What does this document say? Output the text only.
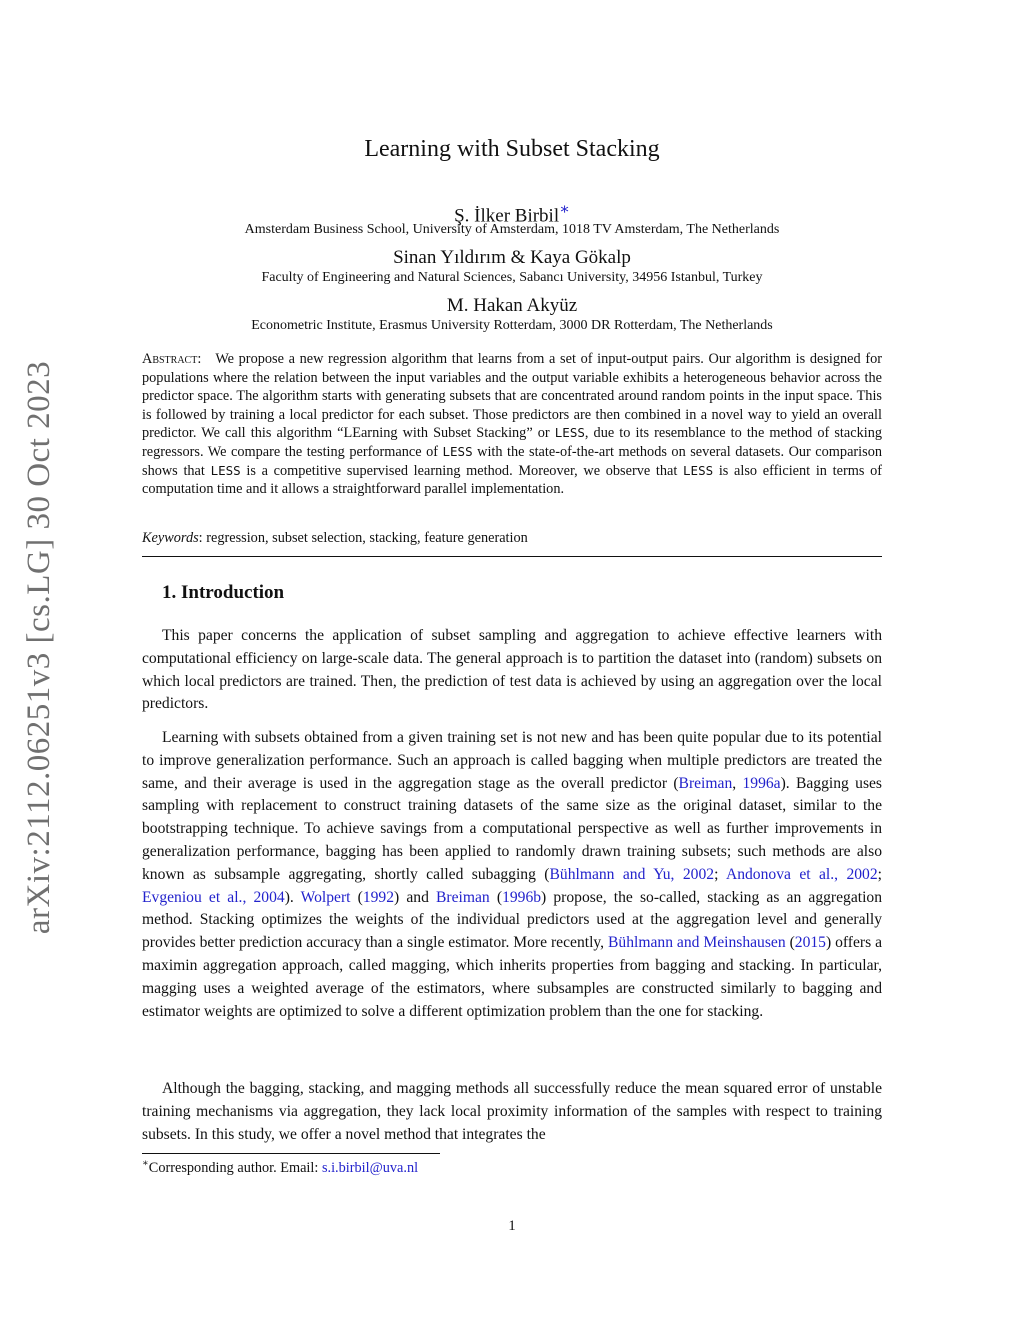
arXiv:2112.06251v3 [cs.LG] 30 Oct 2023
Learning with Subset Stacking
Ş. İlker Birbil∗
Amsterdam Business School, University of Amsterdam, 1018 TV Amsterdam, The Netherlands
Sinan Yıldırım & Kaya Gökalp
Faculty of Engineering and Natural Sciences, Sabancı University, 34956 Istanbul, Turkey
M. Hakan Akyüz
Econometric Institute, Erasmus University Rotterdam, 3000 DR Rotterdam, The Netherlands
Abstract: We propose a new regression algorithm that learns from a set of input-output pairs. Our algorithm is designed for populations where the relation between the input variables and the output variable exhibits a heterogeneous behavior across the predictor space. The algorithm starts with generating subsets that are concentrated around random points in the input space. This is followed by training a local predictor for each subset. Those predictors are then combined in a novel way to yield an overall predictor. We call this algorithm “LEarning with Subset Stacking” or LESS, due to its resemblance to the method of stacking regressors. We compare the testing performance of LESS with the state-of-the-art methods on several datasets. Our comparison shows that LESS is a competitive supervised learning method. Moreover, we observe that LESS is also efficient in terms of computation time and it allows a straightforward parallel implementation.
Keywords: regression, subset selection, stacking, feature generation
1. Introduction

This paper concerns the application of subset sampling and aggregation to achieve effective learners with computational efficiency on large-scale data. The general approach is to partition the dataset into (random) subsets on which local predictors are trained. Then, the prediction of test data is achieved by using an aggregation over the local predictors.

Learning with subsets obtained from a given training set is not new and has been quite popular due to its potential to improve generalization performance. Such an approach is called bagging when multiple predictors are treated the same, and their average is used in the aggregation stage as the overall predictor (Breiman, 1996a). Bagging uses sampling with replacement to construct training datasets of the same size as the original dataset, similar to the bootstrapping technique. To achieve savings from a computational perspective as well as further improvements in generalization performance, bagging has been applied to randomly drawn training subsets; such methods are also known as subsample aggregating, shortly called subagging (Bühlmann and Yu, 2002; Andonova et al., 2002; Evgeniou et al., 2004). Wolpert (1992) and Breiman (1996b) propose, the so-called, stacking as an aggregation method. Stacking optimizes the weights of the individual predictors used at the aggregation level and generally provides better prediction accuracy than a single estimator. More recently, Bühlmann and Meinshausen (2015) offers a maximin aggregation approach, called magging, which inherits properties from bagging and stacking. In particular, magging uses a weighted average of the estimators, where subsamples are constructed similarly to bagging and estimator weights are optimized to solve a different optimization problem than the one for stacking.

Although the bagging, stacking, and magging methods all successfully reduce the mean squared error of unstable training mechanisms via aggregation, they lack local proximity information of the samples with respect to training subsets. In this study, we offer a novel method that integrates the

∗Corresponding author. Email: s.i.birbil@uva.nl
1
